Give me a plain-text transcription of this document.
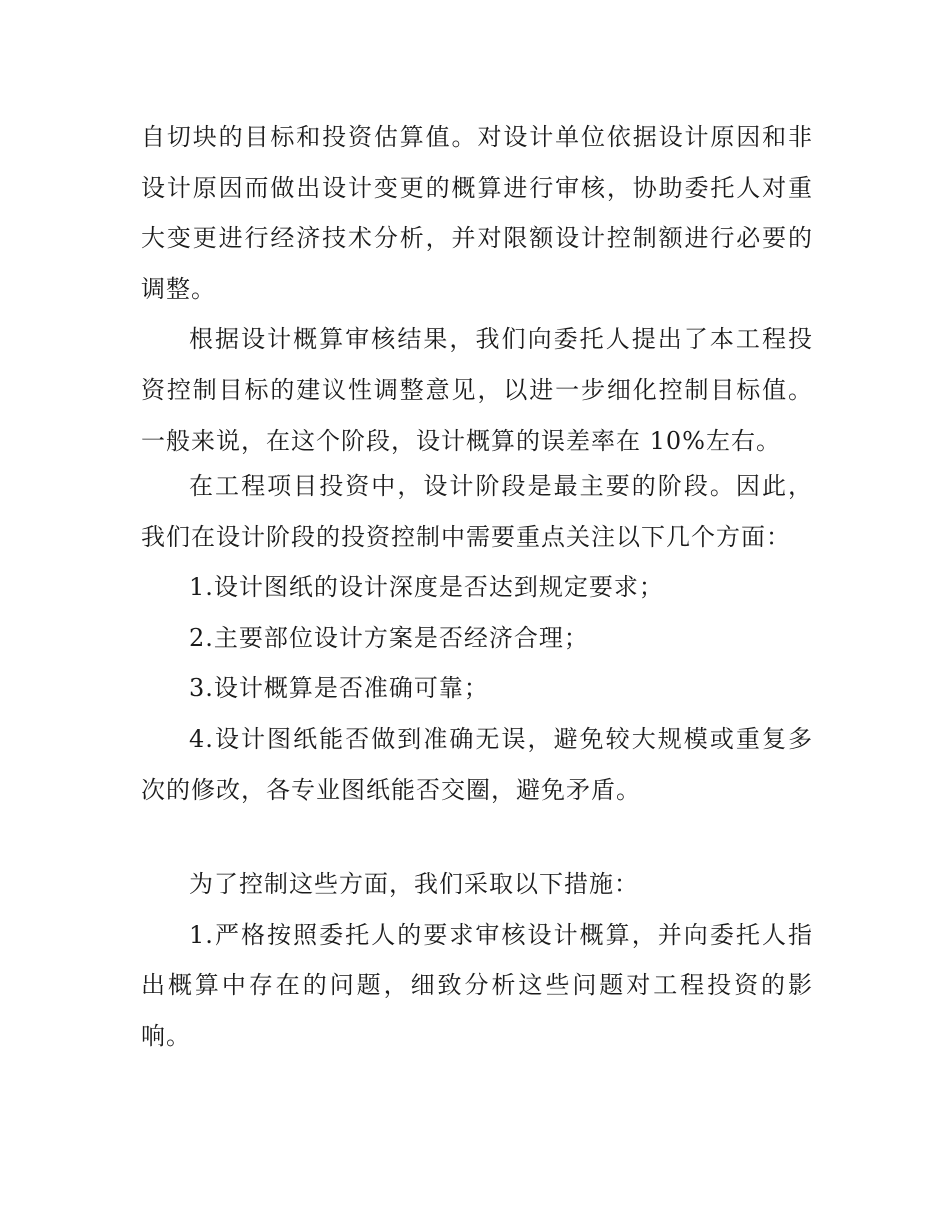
自切块的目标和投资估算值。对设计单位依据设计原因和非设计原因而做出设计变更的概算进行审核，协助委托人对重大变更进行经济技术分析，并对限额设计控制额进行必要的调整。

根据设计概算审核结果，我们向委托人提出了本工程投资控制目标的建议性调整意见，以进一步细化控制目标值。一般来说，在这个阶段，设计概算的误差率在 10%左右。

在工程项目投资中，设计阶段是最主要的阶段。因此，我们在设计阶段的投资控制中需要重点关注以下几个方面：

1.设计图纸的设计深度是否达到规定要求；

2.主要部位设计方案是否经济合理；

3.设计概算是否准确可靠；

4.设计图纸能否做到准确无误，避免较大规模或重复多次的修改，各专业图纸能否交圈，避免矛盾。

为了控制这些方面，我们采取以下措施：

1.严格按照委托人的要求审核设计概算，并向委托人指出概算中存在的问题，细致分析这些问题对工程投资的影响。
